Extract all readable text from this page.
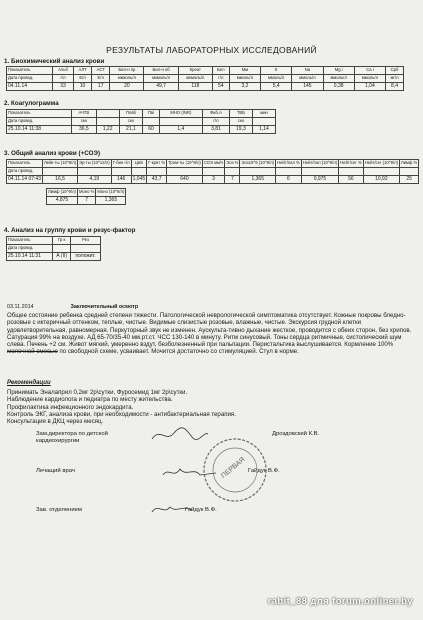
РЕЗУЛЬТАТЫ ЛАБОРАТОРНЫХ ИССЛЕДОВАНИЙ
1. Биохимический анализ крови
Показатель	Альб	АЛТ	АСТ	Бил-н пр	Бил-н об	Креат	Бел	Мм	К	Na	Mg i	Ca i	Срб
Дата провед.	г/л	Е/л	Е/л	мкмоль/л	мкмоль/л	мкмоль/л	г/л	ммоль/л	ммоль/л	ммоль/л	ммоль/л	ммоль/л	мг/л
04.11.14	33	10	17	20	49,7	118	54	3,2	5,4	145	0,38	1,04	8,4
2. Коагулограмма
Показатель	АЧТВ		Плвб	Пві	МНО (INR)	Фиб.А	ТВБ	мин
Дата провед.	сек		сек			г/л	сек	
25.10.14 11:38	36,5	1,22	21,1	60	1,4	3,81	19,3	1,14
3. Общий анализ крови (+СОЭ)
Показатель	Лейк-ты (10^9/л)	Эр-ты (10^12/л)	Г-бин г/л	Цвіп	Г-крит %	Тром-ты (10^9/л)	СОЭ мм/ч	Эоз %	Эоз10^9 (10^9/л)	Нейт/пал %	Нейт/пал (10^9/л)	Нейт/сег %	Нейт/сег (10^9/л)	Лимф %
Дата провед.														
04.11.14 07:43	16,5	4,19	146	1,045	43,7	640	3	7	1,365	6	0,975	56	10,92	25
Лимф (10^9/л)	Моно %	Моно (10^9/л)
4,875	7	1,365
4. Анализ на группу крови и резус-фактор
Показатель	Гр к	Рез
Дата провед.		
25.10.14 11:31	А (II)	положит.
03.11.2014	Заключительный осмотр
Общее состояние ребенка средней степени тяжести. Патологической неврологической симптоматика отсутствует. Кожные покровы бледно-розовые с иктеричный оттенком, теплые, чистые. Видимые слизистые розовые, влажные, чистые. Экскурсия грудной клетки удовлетворительная, равномерная. Перкуторный звук не изменен. Аускульта-тивно дыхание жесткое, проводится с обеих сторон, без хрипов. Сатурация 99% на воздухе. АД 65-70/35-40 мм.рт.ст. ЧСС 130-140 в минуту. Ритм синусовый. Тоны сердца ритмичные, систолический шум слева. Печень +2 см. Живот мягкий, умеренно вздут, безболезненный при пальпации. Перистальтика выслушивается. Кормление 100% молочной смесью по свободной схеме, усваивает. Мочится достаточно со стимуляцией. Стул в норме.
Рекомендации
Принимать Эналаприл 0,2мг 2р\сутки, Фуросемид 1мг 2р\сутки.
Наблюдение кардиолога и педиатра по месту жительства.
Профилактика инфекционного эндокардита.
Контроль ЭКГ, анализа крови, при необходимости - антибактериальная терапия.
Консультация в ДКЦ через месяц.
Зам.директора по детской кардиохирургии
Дроздовский К.В.
Лечащий врач	Гайдук В.Ф.
Зав. отделением	Гайдук В.Ф.
ПЕРВАЯ
rabit_88 для forum.onliner.by
